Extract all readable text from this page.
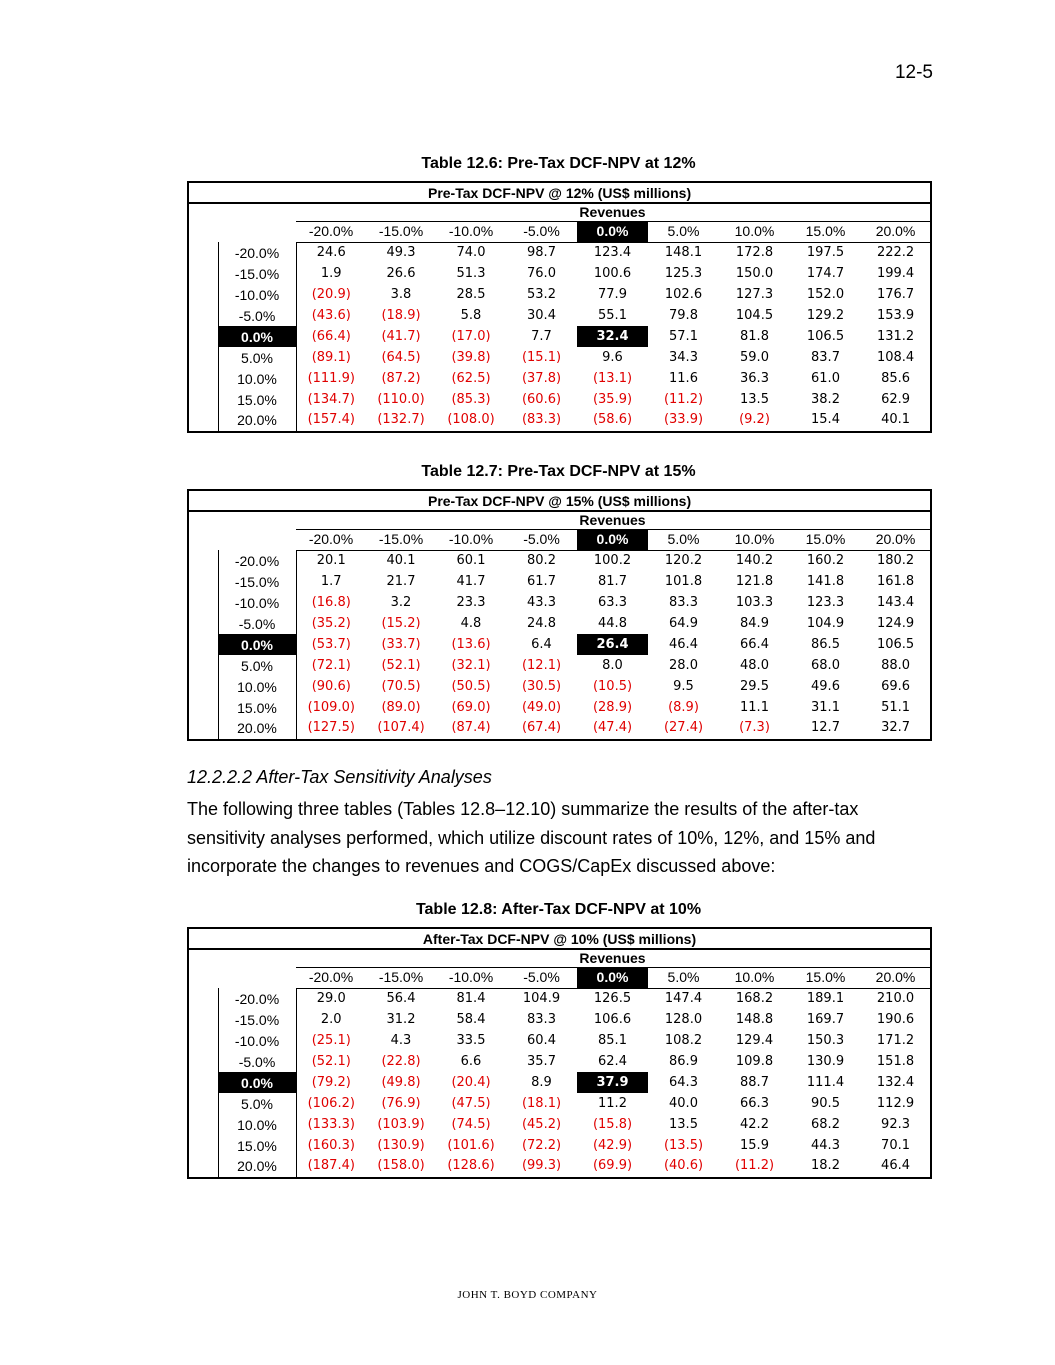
12-5
Table 12.6: Pre-Tax DCF-NPV at 12%
Pre-Tax DCF-NPV @ 12% (US$ millions)										
						Revenues				
		-20.0%	-15.0%	-10.0%	-5.0%	0.0%	5.0%	10.0%	15.0%	20.0%
	-20.0%	24.6	49.3	74.0	98.7	123.4	148.1	172.8	197.5	222.2
	-15.0%	1.9	26.6	51.3	76.0	100.6	125.3	150.0	174.7	199.4
	-10.0%	(20.9)	3.8	28.5	53.2	77.9	102.6	127.3	152.0	176.7
	-5.0%	(43.6)	(18.9)	5.8	30.4	55.1	79.8	104.5	129.2	153.9
	0.0%	(66.4)	(41.7)	(17.0)	7.7	32.4	57.1	81.8	106.5	131.2
	5.0%	(89.1)	(64.5)	(39.8)	(15.1)	9.6	34.3	59.0	83.7	108.4
	10.0%	(111.9)	(87.2)	(62.5)	(37.8)	(13.1)	11.6	36.3	61.0	85.6
	15.0%	(134.7)	(110.0)	(85.3)	(60.6)	(35.9)	(11.2)	13.5	38.2	62.9
	20.0%	(157.4)	(132.7)	(108.0)	(83.3)	(58.6)	(33.9)	(9.2)	15.4	40.1
Table 12.7: Pre-Tax DCF-NPV at 15%
Pre-Tax DCF-NPV @ 15% (US$ millions)										
						Revenues				
		-20.0%	-15.0%	-10.0%	-5.0%	0.0%	5.0%	10.0%	15.0%	20.0%
	-20.0%	20.1	40.1	60.1	80.2	100.2	120.2	140.2	160.2	180.2
	-15.0%	1.7	21.7	41.7	61.7	81.7	101.8	121.8	141.8	161.8
	-10.0%	(16.8)	3.2	23.3	43.3	63.3	83.3	103.3	123.3	143.4
	-5.0%	(35.2)	(15.2)	4.8	24.8	44.8	64.9	84.9	104.9	124.9
	0.0%	(53.7)	(33.7)	(13.6)	6.4	26.4	46.4	66.4	86.5	106.5
	5.0%	(72.1)	(52.1)	(32.1)	(12.1)	8.0	28.0	48.0	68.0	88.0
	10.0%	(90.6)	(70.5)	(50.5)	(30.5)	(10.5)	9.5	29.5	49.6	69.6
	15.0%	(109.0)	(89.0)	(69.0)	(49.0)	(28.9)	(8.9)	11.1	31.1	51.1
	20.0%	(127.5)	(107.4)	(87.4)	(67.4)	(47.4)	(27.4)	(7.3)	12.7	32.7
12.2.2.2 After-Tax Sensitivity Analyses

The following three tables (Tables 12.8–12.10) summarize the results of the after-tax sensitivity analyses performed, which utilize discount rates of 10%, 12%, and 15% and incorporate the changes to revenues and COGS/CapEx discussed above:

Table 12.8: After-Tax DCF-NPV at 10%
After-Tax DCF-NPV @ 10% (US$ millions)										
						Revenues				
		-20.0%	-15.0%	-10.0%	-5.0%	0.0%	5.0%	10.0%	15.0%	20.0%
	-20.0%	29.0	56.4	81.4	104.9	126.5	147.4	168.2	189.1	210.0
	-15.0%	2.0	31.2	58.4	83.3	106.6	128.0	148.8	169.7	190.6
	-10.0%	(25.1)	4.3	33.5	60.4	85.1	108.2	129.4	150.3	171.2
	-5.0%	(52.1)	(22.8)	6.6	35.7	62.4	86.9	109.8	130.9	151.8
	0.0%	(79.2)	(49.8)	(20.4)	8.9	37.9	64.3	88.7	111.4	132.4
	5.0%	(106.2)	(76.9)	(47.5)	(18.1)	11.2	40.0	66.3	90.5	112.9
	10.0%	(133.3)	(103.9)	(74.5)	(45.2)	(15.8)	13.5	42.2	68.2	92.3
	15.0%	(160.3)	(130.9)	(101.6)	(72.2)	(42.9)	(13.5)	15.9	44.3	70.1
	20.0%	(187.4)	(158.0)	(128.6)	(99.3)	(69.9)	(40.6)	(11.2)	18.2	46.4
JOHN T. BOYD COMPANY
